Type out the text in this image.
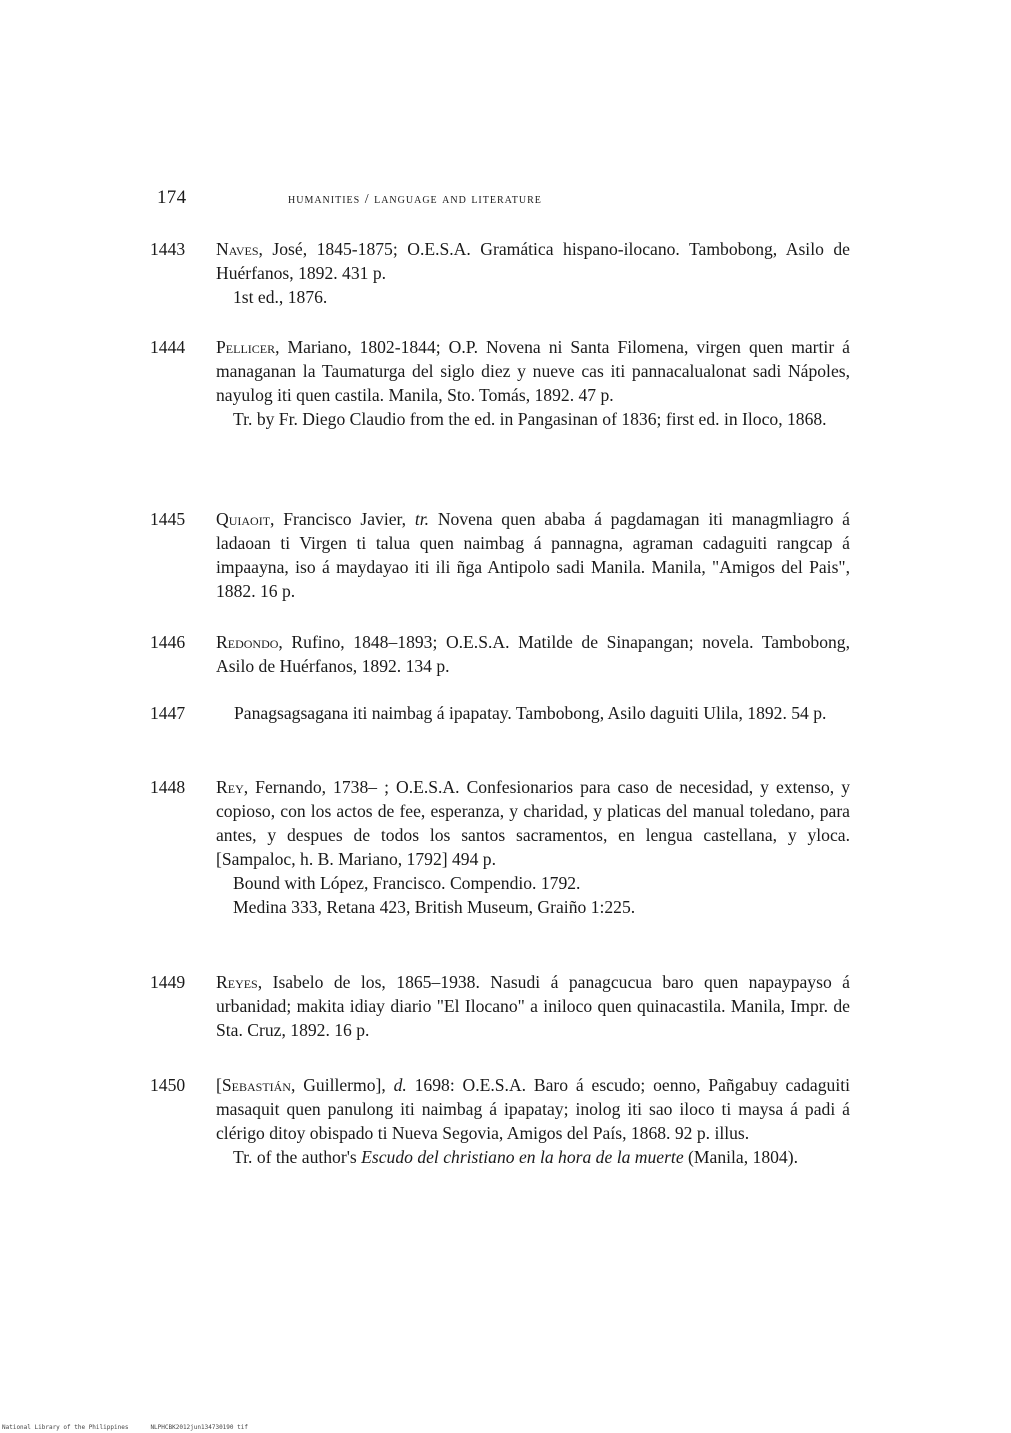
174	humanities / language and literature
1443	Naves, José, 1845-1875; O.E.S.A. Gramática hispano-ilocano. Tambobong, Asilo de Huérfanos, 1892. 431 p.
1st ed., 1876.
1444	Pellicer, Mariano, 1802-1844; O.P. Novena ni Santa Filomena, virgen quen martir á managanan la Taumaturga del siglo diez y nueve cas iti pannacalualonat sadi Nápoles, nayulog iti quen castila. Manila, Sto. Tomás, 1892. 47 p.
Tr. by Fr. Diego Claudio from the ed. in Pangasinan of 1836; first ed. in Iloco, 1868.
1445	Quiaoit, Francisco Javier, tr. Novena quen ababa á pagdamagan iti managmliagro á ladaoan ti Virgen ti talua quen naimbag á pannagna, agraman cadaguiti rangcap á impaayna, iso á maydayao iti ili ñga Antipolo sadi Manila. Manila, "Amigos del Pais", 1882. 16 p.
1446	Redondo, Rufino, 1848–1893; O.E.S.A. Matilde de Sinapangan; novela. Tambobong, Asilo de Huérfanos, 1892. 134 p.
1447	Panagsagsagana iti naimbag á ipapatay. Tambobong, Asilo daguiti Ulila, 1892. 54 p.
1448	Rey, Fernando, 1738– ; O.E.S.A. Confesionarios para caso de necesidad, y extenso, y copioso, con los actos de fee, esperanza, y charidad, y platicas del manual toledano, para antes, y despues de todos los santos sacramentos, en lengua castellana, y yloca. [Sampaloc, h. B. Mariano, 1792] 494 p.
Bound with López, Francisco. Compendio. 1792.
Medina 333, Retana 423, British Museum, Graiño 1:225.
1449	Reyes, Isabelo de los, 1865–1938. Nasudi á panagcucua baro quen napaypayso á urbanidad; makita idiay diario "El Ilocano" a iniloco quen quinacastila. Manila, Impr. de Sta. Cruz, 1892. 16 p.
1450	[Sebastián, Guillermo], d. 1698: O.E.S.A. Baro á escudo; oenno, Pañgabuy cadaguiti masaquit quen panulong iti naimbag á ipapatay; inolog iti sao iloco ti maysa á padi á clérigo ditoy obispado ti Nueva Segovia, Amigos del País, 1868. 92 p. illus.
Tr. of the author's Escudo del christiano en la hora de la muerte (Manila, 1804).
National Library of the Philippines	NLPHCBK2012jun134730190 tif
